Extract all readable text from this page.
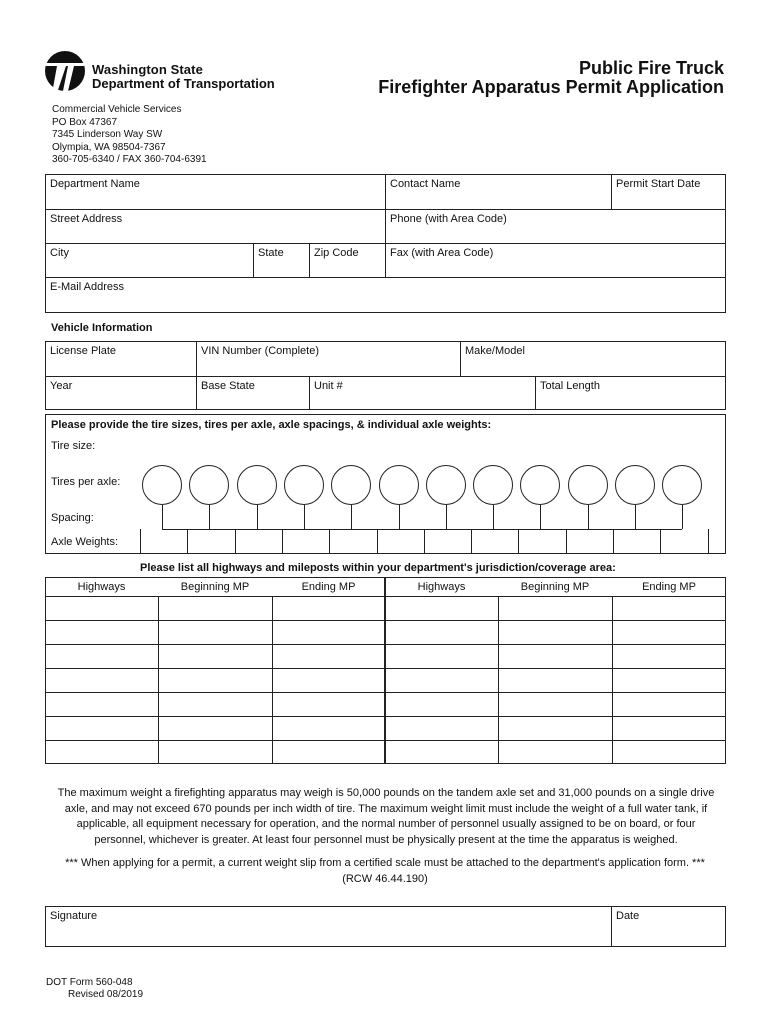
Washington State
Department of Transportation
Public Fire Truck
Firefighter Apparatus Permit Application
Commercial Vehicle Services
PO Box 47367
7345 Linderson Way SW
Olympia, WA 98504-7367
360-705-6340 / FAX 360-704-6391
Department Name	Contact Name	Permit Start Date
Street Address	Phone (with Area Code)
City	State	Zip Code	Fax (with Area Code)
E-Mail Address
Vehicle Information
License Plate	VIN Number (Complete)	Make/Model
Year	Base State	Unit #	Total Length
Please provide the tire sizes, tires per axle, axle spacings, & individual axle weights:
Tire size:
Tires per axle:
Spacing:
Axle Weights:
Please list all highways and mileposts within your department's jurisdiction/coverage area:
Highways	Beginning MP	Ending MP	Highways	Beginning MP	Ending MP
The maximum weight a firefighting apparatus may weigh is 50,000 pounds on the tandem axle set and 31,000 pounds on a single drive axle, and may not exceed 670 pounds per inch width of tire. The maximum weight limit must include the weight of a full water tank, if applicable, all equipment necessary for operation, and the normal number of personnel usually assigned to be on board, or four personnel, whichever is greater. At least four personnel must be physically present at the time the apparatus is weighed.
*** When applying for a permit, a current weight slip from a certified scale must be attached to the department's application form. ***
(RCW 46.44.190)
Signature	Date
DOT Form 560-048
Revised 08/2019
